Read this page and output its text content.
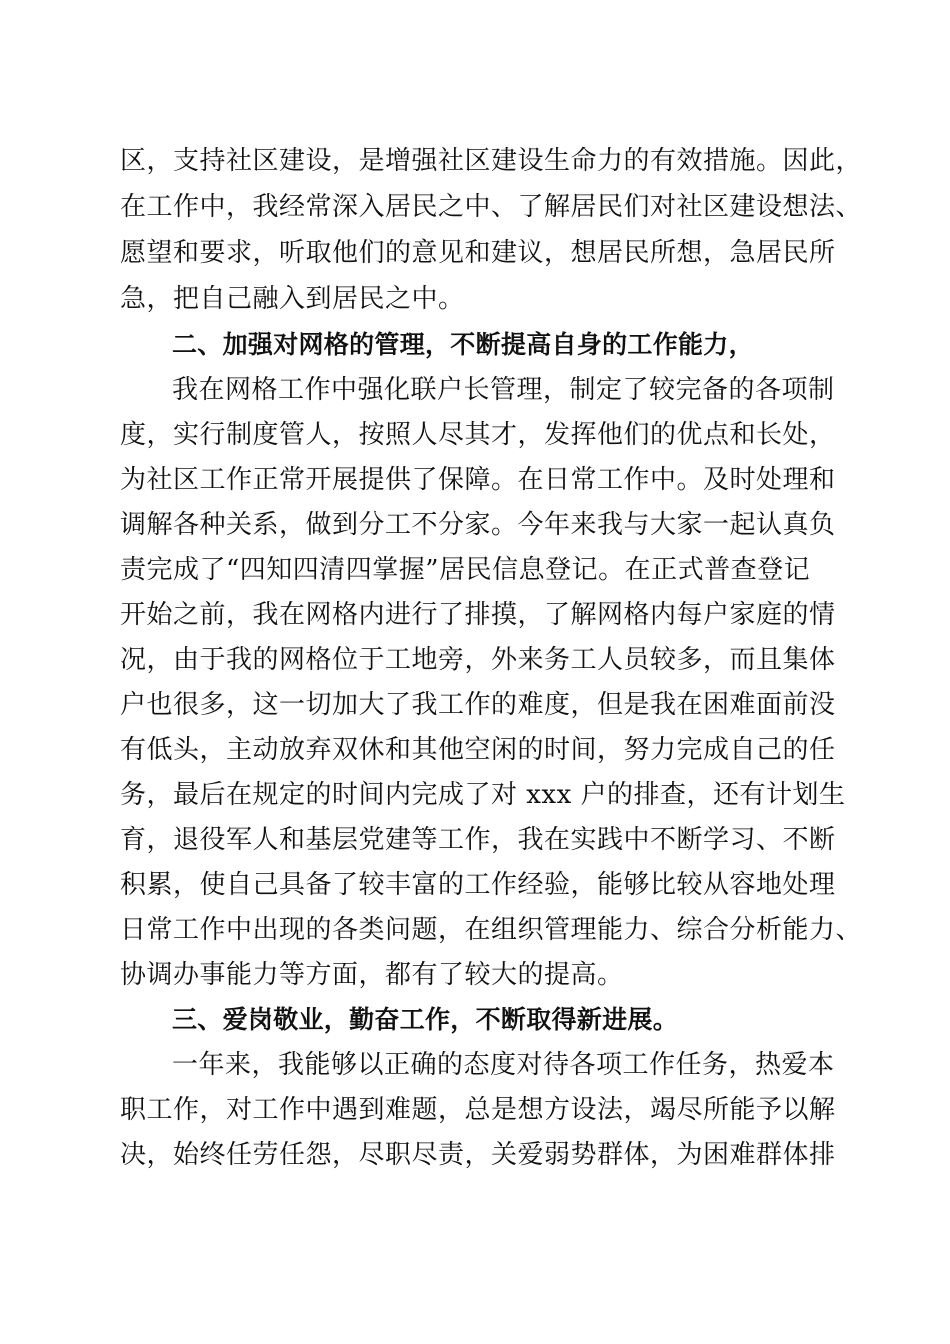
区，支持社区建设，是增强社区建设生命力的有效措施。因此，
在工作中，我经常深入居民之中、了解居民们对社区建设想法、
愿望和要求，听取他们的意见和建议，想居民所想，急居民所
急，把自己融入到居民之中。
二、加强对网格的管理，不断提高自身的工作能力，
我在网格工作中强化联户长管理，制定了较完备的各项制
度，实行制度管人，按照人尽其才，发挥他们的优点和长处，
为社区工作正常开展提供了保障。在日常工作中。及时处理和
调解各种关系，做到分工不分家。今年来我与大家一起认真负
责完成了“四知四清四掌握”居民信息登记。在正式普查登记
开始之前，我在网格内进行了排摸，了解网格内每户家庭的情
况，由于我的网格位于工地旁，外来务工人员较多，而且集体
户也很多，这一切加大了我工作的难度，但是我在困难面前没
有低头，主动放弃双休和其他空闲的时间，努力完成自己的任
务，最后在规定的时间内完成了对 xxx 户的排查，还有计划生
育，退役军人和基层党建等工作，我在实践中不断学习、不断
积累，使自己具备了较丰富的工作经验，能够比较从容地处理
日常工作中出现的各类问题，在组织管理能力、综合分析能力、
协调办事能力等方面，都有了较大的提高。
三、爱岗敬业，勤奋工作，不断取得新进展。
一年来，我能够以正确的态度对待各项工作任务，热爱本
职工作，对工作中遇到难题，总是想方设法，竭尽所能予以解
决，始终任劳任怨，尽职尽责，关爱弱势群体，为困难群体排
